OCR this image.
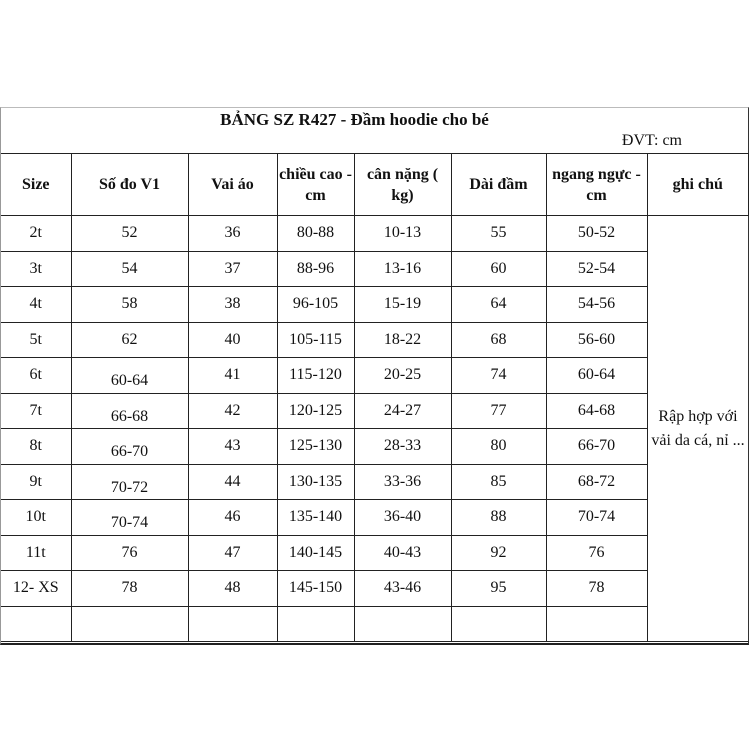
BẢNG SZ R427 - Đầm hoodie cho bé
ĐVT: cm
Size	Số đo V1	Vai áo	chiều cao - cm	cân nặng ( kg)	Dài đầm	ngang ngực - cm	ghi chú
2t	52	36	80-88	10-13	55	50-52	Rập hợp với vải da cá, nỉ ...
3t	54	37	88-96	13-16	60	52-54	
4t	58	38	96-105	15-19	64	54-56	
5t	62	40	105-115	18-22	68	56-60	
6t	60-64	41	115-120	20-25	74	60-64	
7t	66-68	42	120-125	24-27	77	64-68	
8t	66-70	43	125-130	28-33	80	66-70	
9t	70-72	44	130-135	33-36	85	68-72	
10t	70-74	46	135-140	36-40	88	70-74	
11t	76	47	140-145	40-43	92	76	
12- XS	78	48	145-150	43-46	95	78	
